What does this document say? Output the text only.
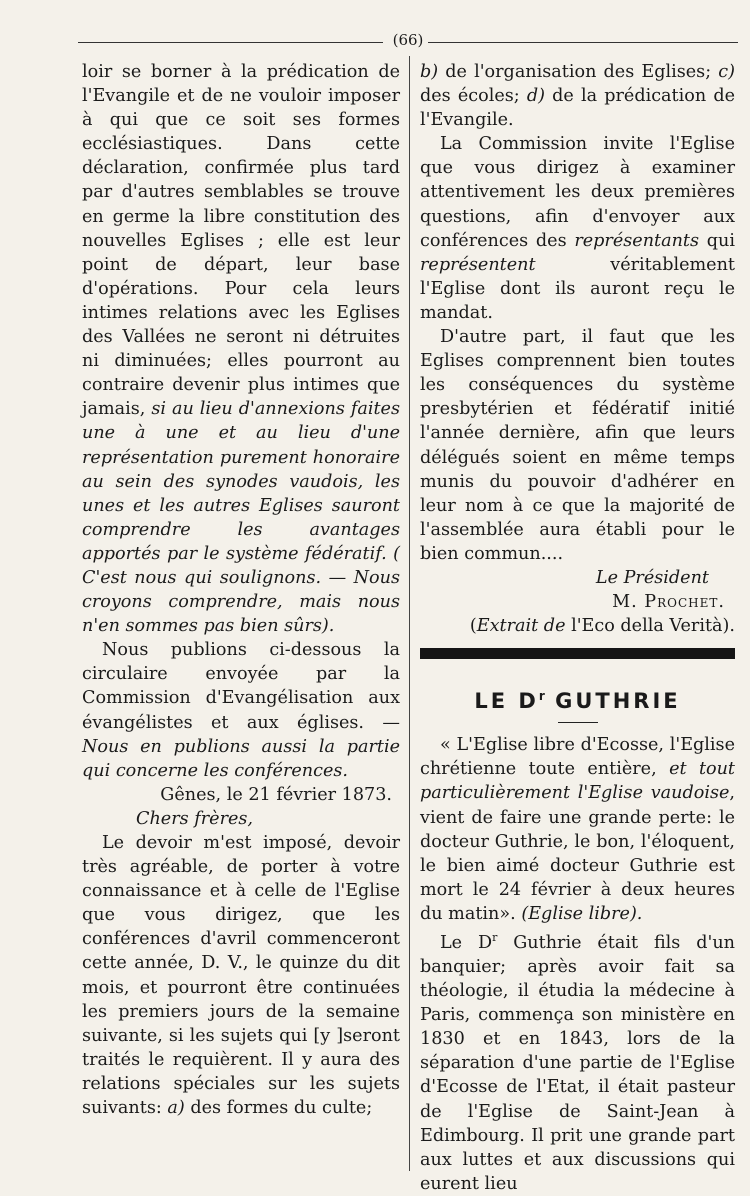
(66)

loir se borner à la prédication de l'Evangile et de ne vouloir imposer à qui que ce soit ses formes ecclésiastiques. Dans cette déclaration, confirmée plus tard par d'autres semblables se trouve en germe la libre constitution des nouvelles Eglises ; elle est leur point de départ, leur base d'opérations. Pour cela leurs intimes relations avec les Eglises des Vallées ne seront ni détruites ni diminuées; elles pourront au contraire devenir plus intimes que jamais, si au lieu d'annexions faites une à une et au lieu d'une représentation purement honoraire au sein des synodes vaudois, les unes et les autres Eglises sauront comprendre les avantages apportés par le système fédératif. ( C'est nous qui soulignons. — Nous croyons comprendre, mais nous n'en sommes pas bien sûrs).

Nous publions ci-dessous la circulaire envoyée par la Commission d'Evangélisation aux évangélistes et aux églises. — Nous en publions aussi la partie qui concerne les conférences.

Gênes, le 21 février 1873.

Chers frères,

Le devoir m'est imposé, devoir très agréable, de porter à votre connaissance et à celle de l'Eglise que vous dirigez, que les conférences d'avril commenceront cette année, D. V., le quinze du dit mois, et pourront être continuées les premiers jours de la semaine suivante, si les sujets qui [y ]seront traités le requièrent. Il y aura des relations spéciales sur les sujets suivants: a) des formes du culte;

b) de l'organisation des Eglises; c) des écoles; d) de la prédication de l'Evangile.

La Commission invite l'Eglise que vous dirigez à examiner attentivement les deux premières questions, afin d'envoyer aux conférences des représentants qui représentent véritablement l'Eglise dont ils auront reçu le mandat.

D'autre part, il faut que les Eglises comprennent bien toutes les conséquences du système presbytérien et fédératif initié l'année dernière, afin que leurs délégués soient en même temps munis du pouvoir d'adhérer en leur nom à ce que la majorité de l'assemblée aura établi pour le bien commun....

Le Président

M. Prochet.

(Extrait de l'Eco della Verità).

LE $D^r$ GUTHRIE

« L'Eglise libre d'Ecosse, l'Eglise chrétienne toute entière, et tout particulièrement l'Eglise vaudoise, vient de faire une grande perte: le docteur Guthrie, le bon, l'éloquent, le bien aimé docteur Guthrie est mort le 24 février à deux heures du matin». (Eglise libre).

Le $D^r$ Guthrie était fils d'un banquier; après avoir fait sa théologie, il étudia la médecine à Paris, commença son ministère en 1830 et en 1843, lors de la séparation d'une partie de l'Eglise d'Ecosse de l'Etat, il était pasteur de l'Eglise de Saint-Jean à Edimbourg. Il prit une grande part aux luttes et aux discussions qui eurent lieu
